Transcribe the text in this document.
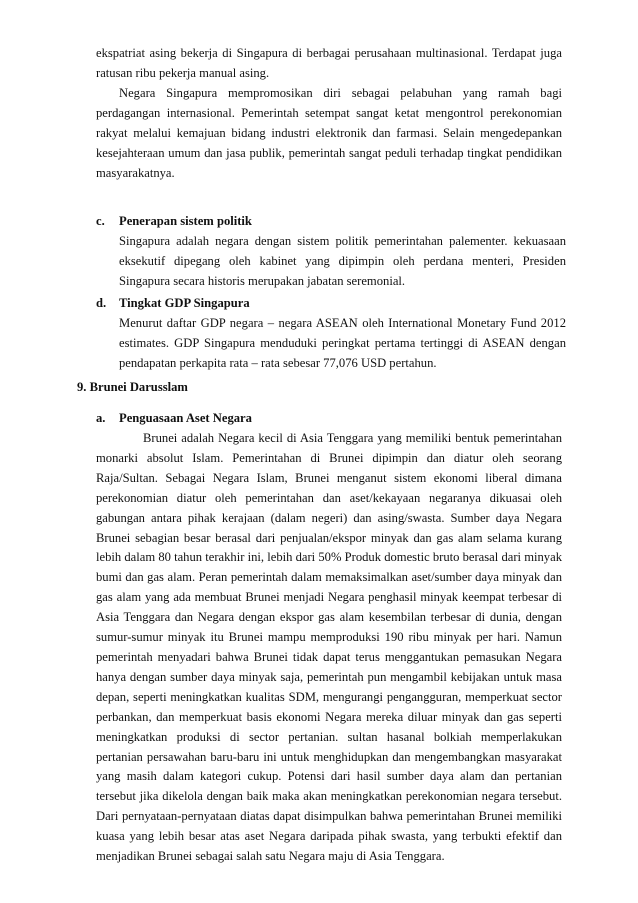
ekspatriat asing bekerja di Singapura di berbagai perusahaan multinasional. Terdapat juga ratusan ribu pekerja manual asing.

Negara Singapura mempromosikan diri sebagai pelabuhan yang ramah bagi perdagangan internasional. Pemerintah setempat sangat ketat mengontrol perekonomian rakyat melalui kemajuan bidang industri elektronik dan farmasi. Selain mengedepankan kesejahteraan umum dan jasa publik, pemerintah sangat peduli terhadap tingkat pendidikan masyarakatnya.

c. Penerapan sistem politik

Singapura adalah negara dengan sistem politik pemerintahan palementer. kekuasaan eksekutif dipegang oleh kabinet yang dipimpin oleh perdana menteri, Presiden Singapura secara historis merupakan jabatan seremonial.

d. Tingkat GDP Singapura

Menurut daftar GDP negara – negara ASEAN oleh International Monetary Fund 2012 estimates. GDP Singapura menduduki peringkat pertama tertinggi di ASEAN dengan pendapatan perkapita rata – rata sebesar 77,076 USD pertahun.

9. Brunei Darusslam
a. Penguasaan Aset Negara

Brunei adalah Negara kecil di Asia Tenggara yang memiliki bentuk pemerintahan monarki absolut Islam. Pemerintahan di Brunei dipimpin dan diatur oleh seorang Raja/Sultan. Sebagai Negara Islam, Brunei menganut sistem ekonomi liberal dimana perekonomian diatur oleh pemerintahan dan aset/kekayaan negaranya dikuasai oleh gabungan antara pihak kerajaan (dalam negeri) dan asing/swasta. Sumber daya Negara Brunei sebagian besar berasal dari penjualan/ekspor minyak dan gas alam selama kurang lebih dalam 80 tahun terakhir ini, lebih dari 50% Produk domestic bruto berasal dari minyak bumi dan gas alam. Peran pemerintah dalam memaksimalkan aset/sumber daya minyak dan gas alam yang ada membuat Brunei menjadi Negara penghasil minyak keempat terbesar di Asia Tenggara dan Negara dengan ekspor gas alam kesembilan terbesar di dunia, dengan sumur-sumur minyak itu Brunei mampu memproduksi 190 ribu minyak per hari. Namun pemerintah menyadari bahwa Brunei tidak dapat terus menggantukan pemasukan Negara hanya dengan sumber daya minyak saja, pemerintah pun mengambil kebijakan untuk masa depan, seperti meningkatkan kualitas SDM, mengurangi pengangguran, memperkuat sector perbankan, dan memperkuat basis ekonomi Negara mereka diluar minyak dan gas seperti meningkatkan produksi di sector pertanian. sultan hasanal bolkiah memperlakukan pertanian persawahan baru-baru ini untuk menghidupkan dan mengembangkan masyarakat yang masih dalam kategori cukup. Potensi dari hasil sumber daya alam dan pertanian tersebut jika dikelola dengan baik maka akan meningkatkan perekonomian negara tersebut. Dari pernyataan-pernyataan diatas dapat disimpulkan bahwa pemerintahan Brunei memiliki kuasa yang lebih besar atas aset Negara daripada pihak swasta, yang terbukti efektif dan menjadikan Brunei sebagai salah satu Negara maju di Asia Tenggara.
